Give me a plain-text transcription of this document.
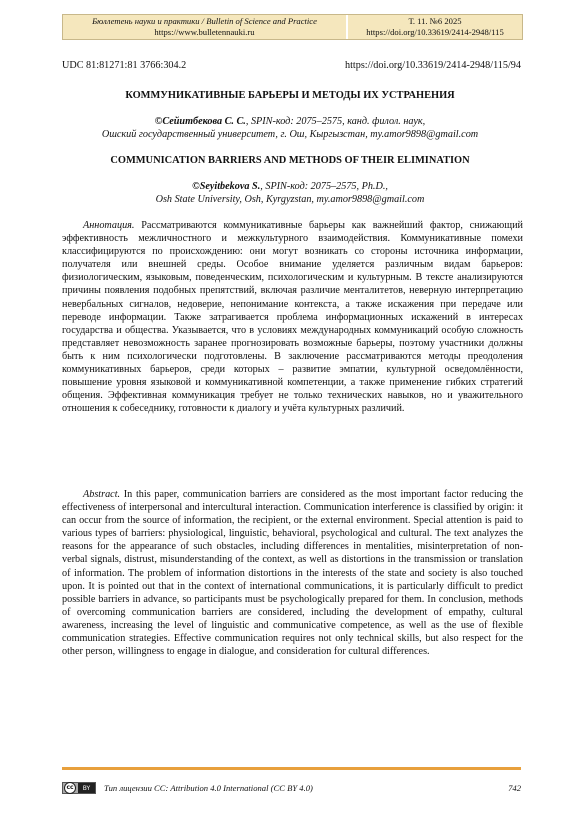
Бюллетень науки и практики / Bulletin of Science and Practice
https://www.bulletennauki.ru
Т. 11. №6 2025
https://doi.org/10.33619/2414-2948/115
UDC 81:81271:81 3766:304.2	https://doi.org/10.33619/2414-2948/115/94
КОММУНИКАТИВНЫЕ БАРЬЕРЫ И МЕТОДЫ ИХ УСТРАНЕНИЯ
©Сейитбекова С. С., SPIN-код: 2075–2575, канд. филол. наук,
Ошский государственный университет, г. Ош, Кыргызстан, my.amor9898@gmail.com
COMMUNICATION BARRIERS AND METHODS OF THEIR ELIMINATION
©Seyitbekova S., SPIN-код: 2075–2575, Ph.D.,
Osh State University, Osh, Kyrgyzstan, my.amor9898@gmail.com

Аннотация. Рассматриваются коммуникативные барьеры как важнейший фактор, снижающий эффективность межличностного и межкультурного взаимодействия. Коммуникативные помехи классифицируются по происхождению: они могут возникать со стороны источника информации, получателя или внешней среды. Особое внимание уделяется различным видам барьеров: физиологическим, языковым, поведенческим, психологическим и культурным. В тексте анализируются причины появления подобных препятствий, включая различие менталитетов, неверную интерпретацию невербальных сигналов, недоверие, непонимание контекста, а также искажения при передаче или переводе информации. Также затрагивается проблема информационных искажений в интересах государства и общества. Указывается, что в условиях международных коммуникаций особую сложность представляет невозможность заранее прогнозировать возможные барьеры, поэтому участники должны быть к ним психологически подготовлены. В заключение рассматриваются методы преодоления коммуникативных барьеров, среди которых – развитие эмпатии, культурной осведомлённости, повышение уровня языковой и коммуникативной компетенции, а также применение гибких стратегий общения. Эффективная коммуникация требует не только технических навыков, но и уважительного отношения к собеседнику, готовности к диалогу и учёта культурных различий.

Abstract. In this paper, communication barriers are considered as the most important factor reducing the effectiveness of interpersonal and intercultural interaction. Communication interference is classified by origin: it can occur from the source of information, the recipient, or the external environment. Special attention is paid to various types of barriers: physiological, linguistic, behavioral, psychological and cultural. The text analyzes the reasons for the appearance of such obstacles, including differences in mentalities, misinterpretation of non-verbal signals, distrust, misunderstanding of the context, as well as distortions in the transmission or translation of information. The problem of information distortions in the interests of the state and society is also touched upon. It is pointed out that in the context of international communications, it is particularly difficult to predict possible barriers in advance, so participants must be psychologically prepared for them. In conclusion, methods of overcoming communication barriers are considered, including the development of empathy, cultural awareness, increasing the level of linguistic and communicative competence, as well as the use of flexible communication strategies. Effective communication requires not only technical skills, but also respect for the other person, willingness to engage in dialogue, and consideration for cultural differences.

cc	BY	Тип лицензии CC: Attribution 4.0 International (CC BY 4.0)	742
